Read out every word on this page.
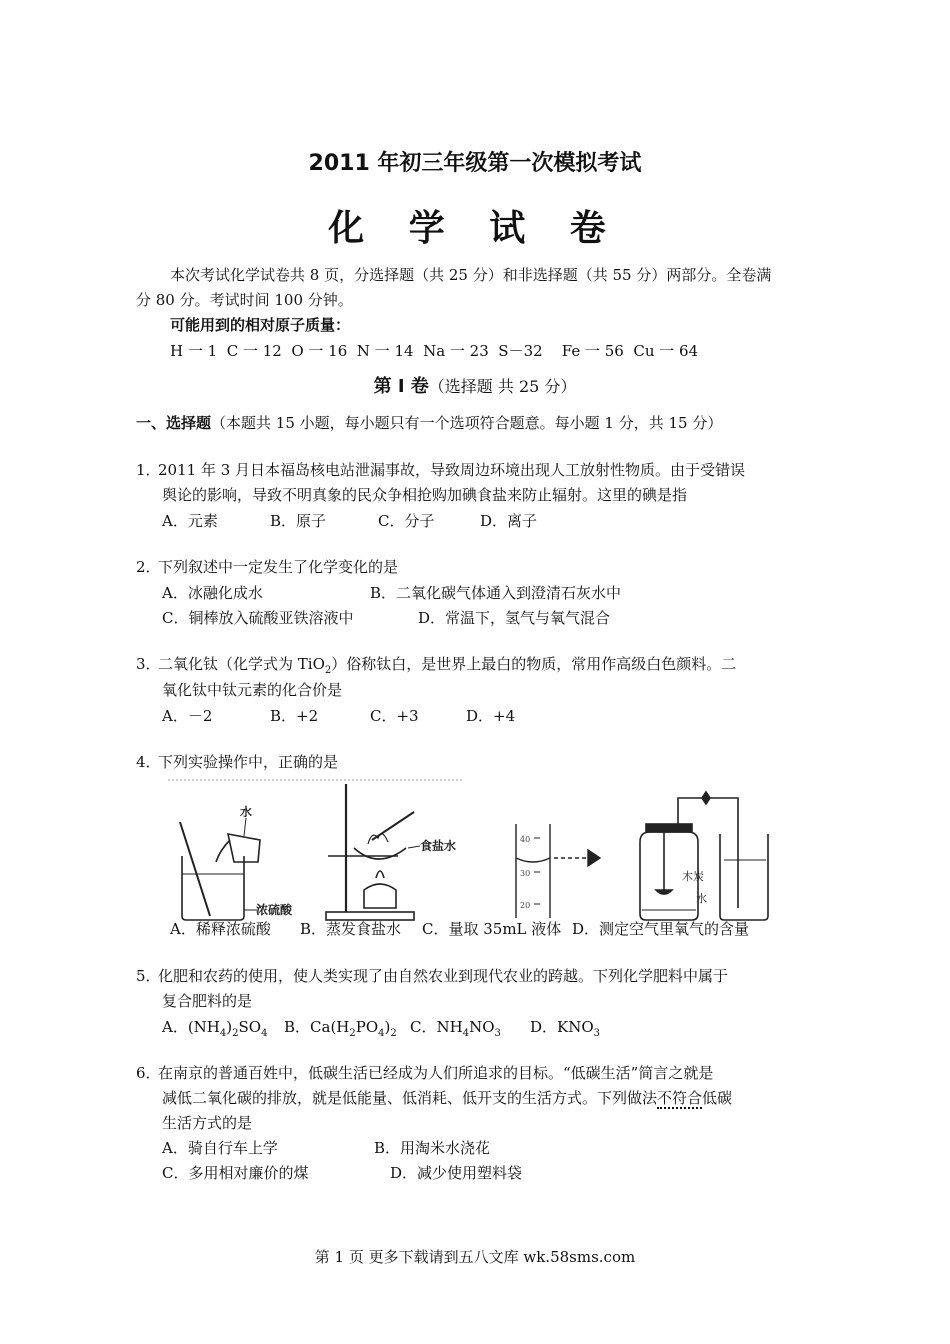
2011 年初三年级第一次模拟考试
化 学 试 卷
本次考试化学试卷共 8 页，分选择题（共 25 分）和非选择题（共 55 分）两部分。全卷满
分 80 分。考试时间 100 分钟。
可能用到的相对原子质量：
H 一 1  C 一 12  O 一 16  N 一 14  Na 一 23  S－32    Fe 一 56  Cu 一 64
第 Ⅰ 卷（选择题 共 25 分）
一、选择题（本题共 15 小题，每小题只有一个选项符合题意。每小题 1 分，共 15 分）
1．2011 年 3 月日本福岛核电站泄漏事故，导致周边环境出现人工放射性物质。由于受错误
舆论的影响，导致不明真象的民众争相抢购加碘食盐来防止辐射。这里的碘是指
A．元素	B．原子	C．分子	D．离子
2．下列叙述中一定发生了化学变化的是
A．冰融化成水	B．二氧化碳气体通入到澄清石灰水中
C．铜棒放入硫酸亚铁溶液中	D．常温下，氢气与氧气混合
3．二氧化钛（化学式为 TiO$_2$）俗称钛白，是世界上最白的物质，常用作高级白色颜料。二
氧化钛中钛元素的化合价是
A．－2	B．+2	C．+3	D．+4
4．下列实验操作中，正确的是
水
浓硫酸
食盐水	40
30
20
木炭
水
A．稀释浓硫酸 B．蒸发食盐水 C．量取 35mL 液体 D．测定空气里氧气的含量
5．化肥和农药的使用，使人类实现了由自然农业到现代农业的跨越。下列化学肥料中属于
复合肥料的是
A．$(NH_4)_2SO_4$ B．$Ca(H_2PO_4)_2$ C．$NH_4NO_3$ D．$KNO_3$
6．在南京的普通百姓中，低碳生活已经成为人们所追求的目标。“低碳生活”简言之就是
减低二氧化碳的排放，就是低能量、低消耗、低开支的生活方式。下列做法不符合低碳
生活方式的是
A．骑自行车上学	B．用淘米水浇花
C．多用相对廉价的煤	D．减少使用塑料袋
第 1 页 更多下载请到五八文库 wk.58sms.com
